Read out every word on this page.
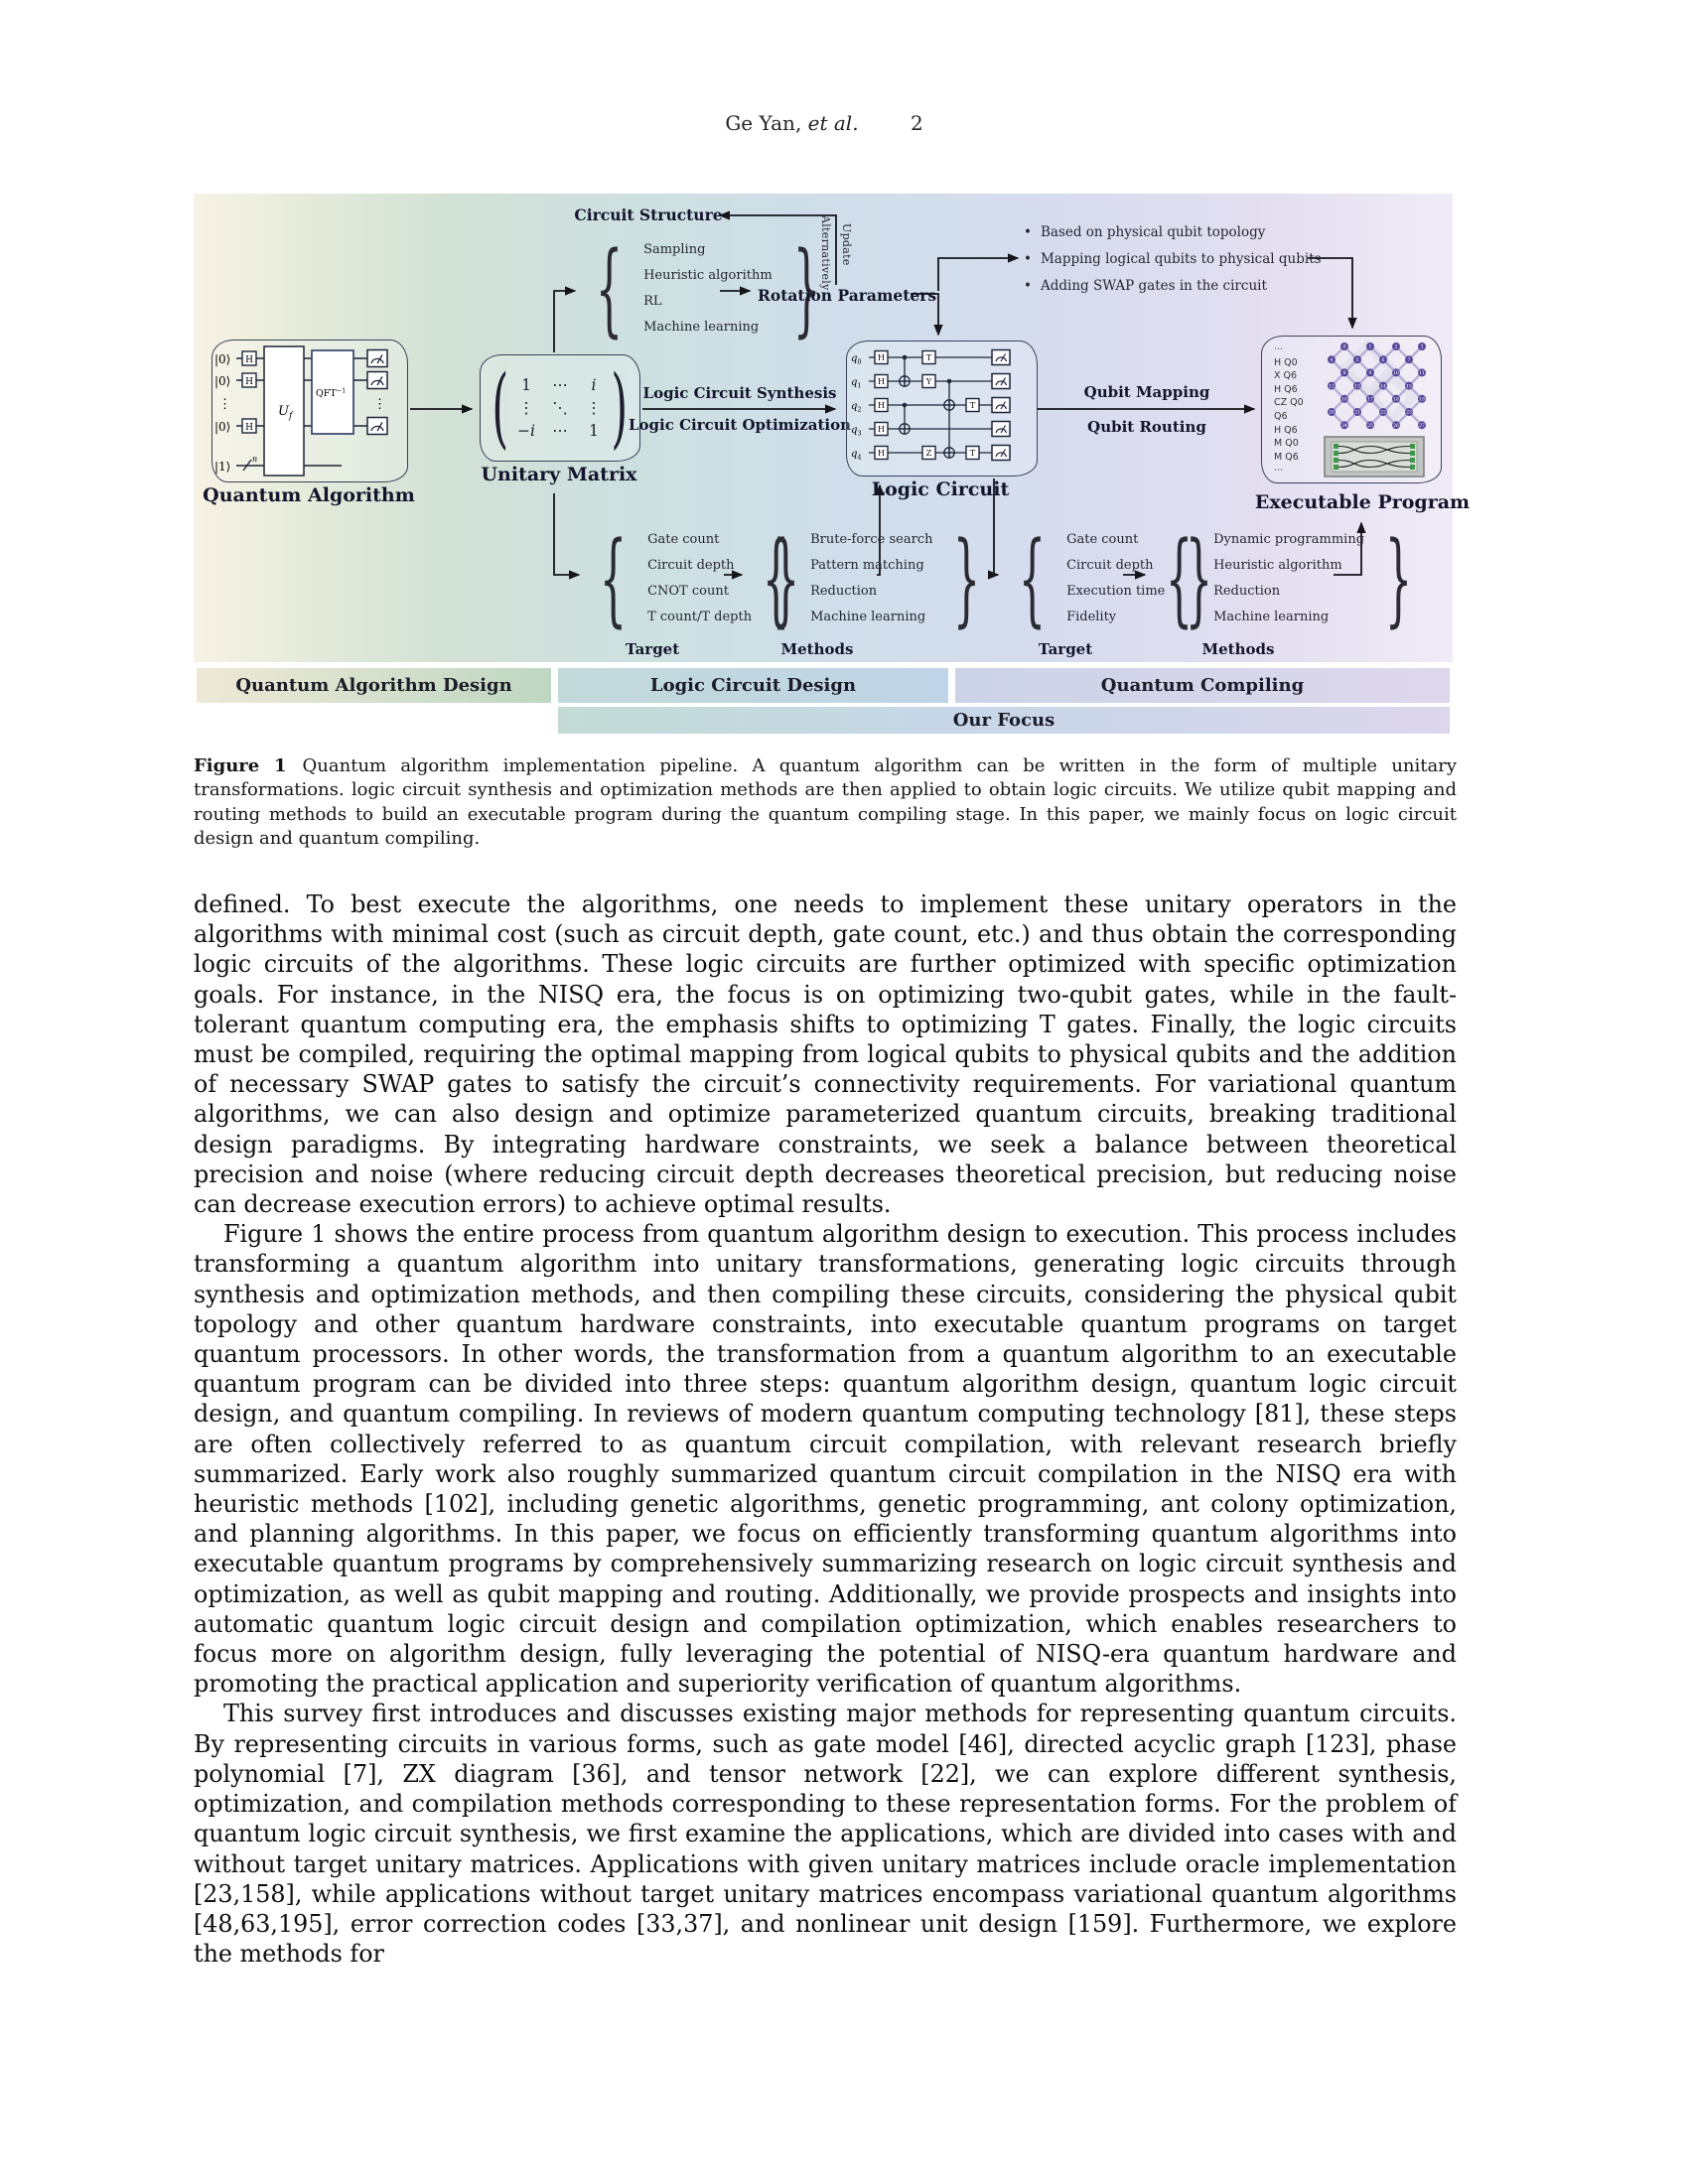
Ge Yan, et al.	2
|0⟩
|0⟩
⋮
|0⟩
|1⟩
n
H
H
H
$U_f$
$QFT^{-1}$
⋮
Quantum Algorithm
( 1 ⋯ i
⋮ ⋱ ⋮
−i ⋯ 1 )
Unitary Matrix
Circuit Structure
{
Sampling
Heuristic algorithm
RL
Machine learning
}
Rotation Parameters
Update
Alternatively
Logic Circuit Synthesis
Logic Circuit Optimization
$q_0$
$q_1$
$q_2$
$q_3$
$q_4$
H
H
H
H
H
T
Y
Z
T
T
Logic Circuit
Qubit Mapping
Qubit Routing
• Based on physical qubit topology
• Mapping logical qubits to physical qubits
• Adding SWAP gates in the circuit
⋯
H Q0
X Q6
H Q6
CZ Q0
Q6
H Q6
M Q0
M Q6
⋯
0	1	2	3
4	5	6	7
8	9	10	11
12	13	14	15
16	17	18	19
20	21	22	23
24	25	26	27
Executable Program
{
Gate count
Circuit depth
CNOT count
T count/T depth
}
Target
{
Brute-force search
Pattern matching
Reduction
Machine learning
}
Methods
{
Gate count
Circuit depth
Execution time
Fidelity
}
Target
{
Dynamic programming
Heuristic algorithm
Reduction
Machine learning
}
Methods
Quantum Algorithm Design	Logic Circuit Design	Quantum Compiling
Our Focus
Figure 1 Quantum algorithm implementation pipeline. A quantum algorithm can be written in the form of multiple unitary transformations. logic circuit synthesis and optimization methods are then applied to obtain logic circuits. We utilize qubit mapping and routing methods to build an executable program during the quantum compiling stage. In this paper, we mainly focus on logic circuit design and quantum compiling.

defined. To best execute the algorithms, one needs to implement these unitary operators in the algorithms with minimal cost (such as circuit depth, gate count, etc.) and thus obtain the corresponding logic circuits of the algorithms. These logic circuits are further optimized with specific optimization goals. For instance, in the NISQ era, the focus is on optimizing two-qubit gates, while in the fault-tolerant quantum computing era, the emphasis shifts to optimizing T gates. Finally, the logic circuits must be compiled, requiring the optimal mapping from logical qubits to physical qubits and the addition of necessary SWAP gates to satisfy the circuit’s connectivity requirements. For variational quantum algorithms, we can also design and optimize parameterized quantum circuits, breaking traditional design paradigms. By integrating hardware constraints, we seek a balance between theoretical precision and noise (where reducing circuit depth decreases theoretical precision, but reducing noise can decrease execution errors) to achieve optimal results.

Figure 1 shows the entire process from quantum algorithm design to execution. This process includes transforming a quantum algorithm into unitary transformations, generating logic circuits through synthesis and optimization methods, and then compiling these circuits, considering the physical qubit topology and other quantum hardware constraints, into executable quantum programs on target quantum processors. In other words, the transformation from a quantum algorithm to an executable quantum program can be divided into three steps: quantum algorithm design, quantum logic circuit design, and quantum compiling. In reviews of modern quantum computing technology [81], these steps are often collectively referred to as quantum circuit compilation, with relevant research briefly summarized. Early work also roughly summarized quantum circuit compilation in the NISQ era with heuristic methods [102], including genetic algorithms, genetic programming, ant colony optimization, and planning algorithms. In this paper, we focus on efficiently transforming quantum algorithms into executable quantum programs by comprehensively summarizing research on logic circuit synthesis and optimization, as well as qubit mapping and routing. Additionally, we provide prospects and insights into automatic quantum logic circuit design and compilation optimization, which enables researchers to focus more on algorithm design, fully leveraging the potential of NISQ-era quantum hardware and promoting the practical application and superiority verification of quantum algorithms.

This survey first introduces and discusses existing major methods for representing quantum circuits. By representing circuits in various forms, such as gate model [46], directed acyclic graph [123], phase polynomial [7], ZX diagram [36], and tensor network [22], we can explore different synthesis, optimization, and compilation methods corresponding to these representation forms. For the problem of quantum logic circuit synthesis, we first examine the applications, which are divided into cases with and without target unitary matrices. Applications with given unitary matrices include oracle implementation [23,158], while applications without target unitary matrices encompass variational quantum algorithms [48,63,195], error correction codes [33,37], and nonlinear unit design [159]. Furthermore, we explore the methods for
